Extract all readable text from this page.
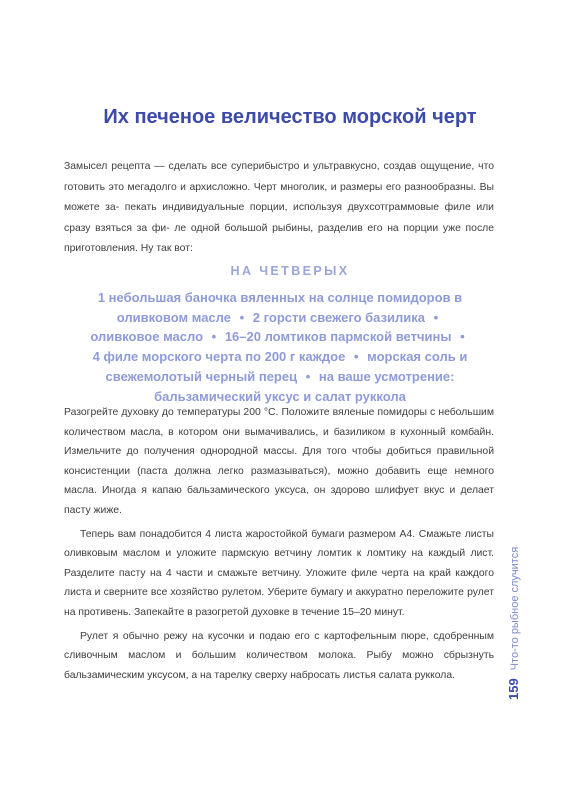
Их печеное величество морской черт
Замысел рецепта — сделать все суперибыстро и ультравкусно, создав ощущение, что готовить это мегадолго и архисложно. Черт многолик, и размеры его разнообразны. Вы можете за- пекать индивидуальные порции, используя двухсотграммовые филе или сразу взяться за фи- ле одной большой рыбины, разделив его на порции уже после приготовления. Ну так вот:
НА ЧЕТВЕРЫХ
1 небольшая баночка вяленных на солнце помидоров в оливковом масле • 2 горсти свежего базилика • оливковое масло • 16–20 ломтиков пармской ветчины • 4 филе морского черта по 200 г каждое • морская соль и свежемолотый черный перец • на ваше усмотрение: бальзамический уксус и салат руккола

Разогрейте духовку до температуры 200 °С. Положите вяленые помидоры с небольшим количеством масла, в котором они вымачивались, и базиликом в кухонный комбайн. Измельчите до получения однородной массы. Для того чтобы добиться правильной консистенции (паста должна легко размазываться), можно добавить еще немного масла. Иногда я капаю бальзамического уксуса, он здорово шлифует вкус и делает пасту жиже.

Теперь вам понадобится 4 листа жаростойкой бумаги размером А4. Смажьте листы оливковым маслом и уложите пармскую ветчину ломтик к ломтику на каждый лист. Разделите пасту на 4 части и смажьте ветчину. Уложите филе черта на край каждого листа и сверните все хозяйство рулетом. Уберите бумагу и аккуратно переложите рулет на противень. Запекайте в разогретой духовке в течение 15–20 минут.

Рулет я обычно режу на кусочки и подаю его с картофельным пюре, сдобренным сливочным маслом и большим количеством молока. Рыбу можно сбрызнуть бальзамическим уксусом, а на тарелку сверху набросать листья салата руккола.

159Что-то рыбное случится
